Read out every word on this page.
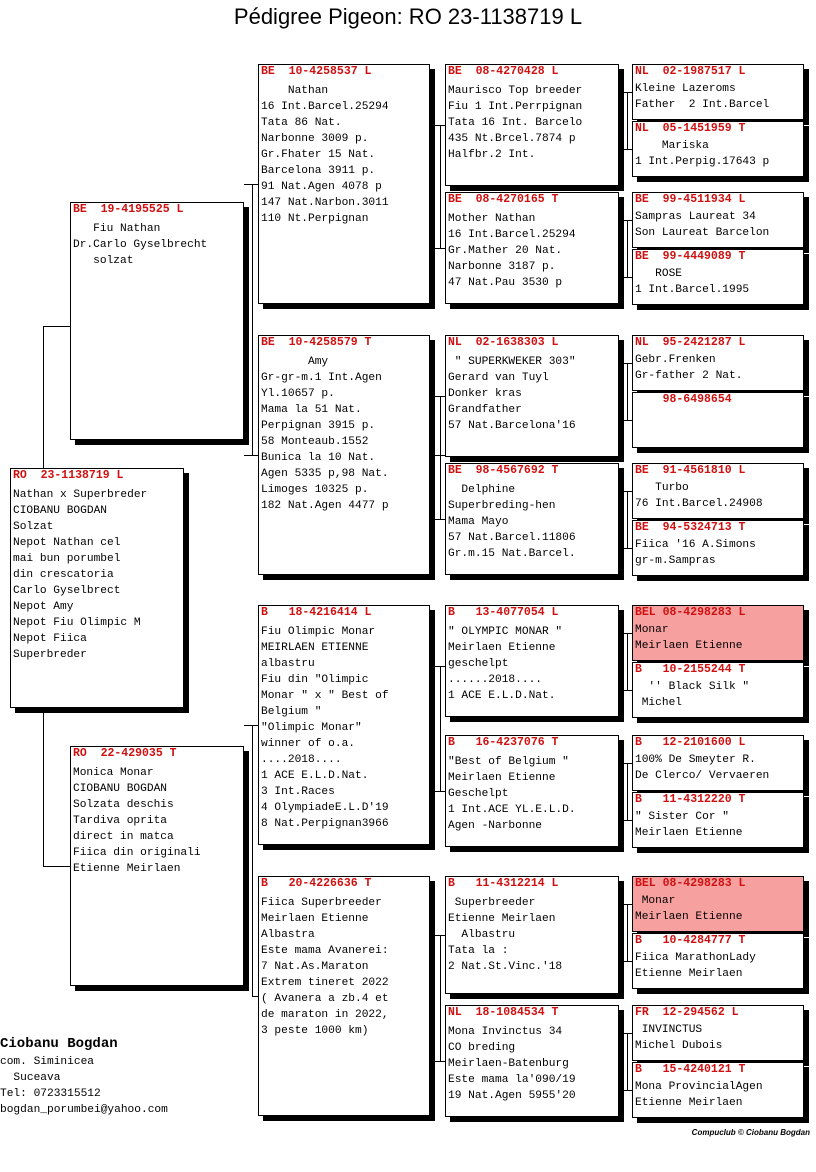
Pédigree Pigeon: RO 23-1138719 L
RO  23-1138719 L
Nathan x Superbreder
CIOBANU BOGDAN
Solzat
Nepot Nathan cel
mai bun porumbel
din crescatoria
Carlo Gyselbrect
Nepot Amy
Nepot Fiu Olimpic M
Nepot Fiica
Superbreder
BE  19-4195525 L
Fiu Nathan
Dr.Carlo Gyselbrecht
solzat
RO  22-429035 T
Monica Monar
CIOBANU BOGDAN
Solzata deschis
Tardiva oprita
direct in matca
Fiica din originali
Etienne Meirlaen
BE  10-4258537 L
Nathan
16 Int.Barcel.25294
Tata 86 Nat.
Narbonne 3009 p.
Gr.Fhater 15 Nat.
Barcelona 3911 p.
91 Nat.Agen 4078 p
147 Nat.Narbon.3011
110 Nt.Perpignan
BE  10-4258579 T
Amy
Gr-gr-m.1 Int.Agen
Yl.10657 p.
Mama la 51 Nat.
Perpignan 3915 p.
58 Monteaub.1552
Bunica la 10 Nat.
Agen 5335 p,98 Nat.
Limoges 10325 p.
182 Nat.Agen 4477 p
B   18-4216414 L
Fiu Olimpic Monar
MEIRLAEN ETIENNE
albastru
Fiu din "Olimpic
Monar " x " Best of
Belgium "
"Olimpic Monar"
winner of o.a.
....2018....
1 ACE E.L.D.Nat.
3 Int.Races
4 OlympiadeE.L.D'19
8 Nat.Perpignan3966
B   20-4226636 T
Fiica Superbreeder
Meirlaen Etienne
Albastra
Este mama Avanerei:
7 Nat.As.Maraton
Extrem tineret 2022
( Avanera a zb.4 et
de maraton in 2022,
3 peste 1000 km)
BE  08-4270428 L
Maurisco Top breeder
Fiu 1 Int.Perrpignan
Tata 16 Int. Barcelo
435 Nt.Brcel.7874 p
Halfbr.2 Int.
BE  08-4270165 T
Mother Nathan
16 Int.Barcel.25294
Gr.Mather 20 Nat.
Narbonne 3187 p.
47 Nat.Pau 3530 p
NL  02-1638303 L
" SUPERKWEKER 303"
Gerard van Tuyl
Donker kras
Grandfather
57 Nat.Barcelona'16
BE  98-4567692 T
Delphine
Superbreding-hen
Mama Mayo
57 Nat.Barcel.11806
Gr.m.15 Nat.Barcel.
B   13-4077054 L
" OLYMPIC MONAR "
Meirlaen Etienne
geschelpt
......2018....
1 ACE E.L.D.Nat.
B   16-4237076 T
"Best of Belgium "
Meirlaen Etienne
Geschelpt
1 Int.ACE YL.E.L.D.
Agen -Narbonne
B   11-4312214 L
Superbreeder
Etienne Meirlaen
Albastru
Tata la :
2 Nat.St.Vinc.'18
NL  18-1084534 T
Mona Invinctus 34
CO breding
Meirlaen-Batenburg
Este mama la'090/19
19 Nat.Agen 5955'20
NL  02-1987517 L
Kleine Lazeroms
Father  2 Int.Barcel
NL  05-1451959 T
Mariska
1 Int.Perpig.17643 p
BE  99-4511934 L
Sampras Laureat 34
Son Laureat Barcelon
BE  99-4449089 T
ROSE
1 Int.Barcel.1995
NL  95-2421287 L
Gebr.Frenken
Gr-father 2 Nat.
98-6498654
BE  91-4561810 L
Turbo
76 Int.Barcel.24908
BE  94-5324713 T
Fiica '16 A.Simons
gr-m.Sampras
BEL 08-4298283 L
Monar
Meirlaen Etienne
B   10-2155244 T
'' Black Silk "
Michel
B   12-2101600 L
100% De Smeyter R.
De Clerco/ Vervaeren
B   11-4312220 T
" Sister Cor "
Meirlaen Etienne
BEL 08-4298283 L
Monar
Meirlaen Etienne
B   10-4284777 T
Fiica MarathonLady
Etienne Meirlaen
FR  12-294562 L
INVINCTUS
Michel Dubois
B   15-4240121 T
Mona ProvincialAgen
Etienne Meirlaen
Ciobanu Bogdan
com. Siminicea
Suceava
Tel: 0723315512
bogdan_porumbei@yahoo.com
Compuclub © Ciobanu Bogdan
